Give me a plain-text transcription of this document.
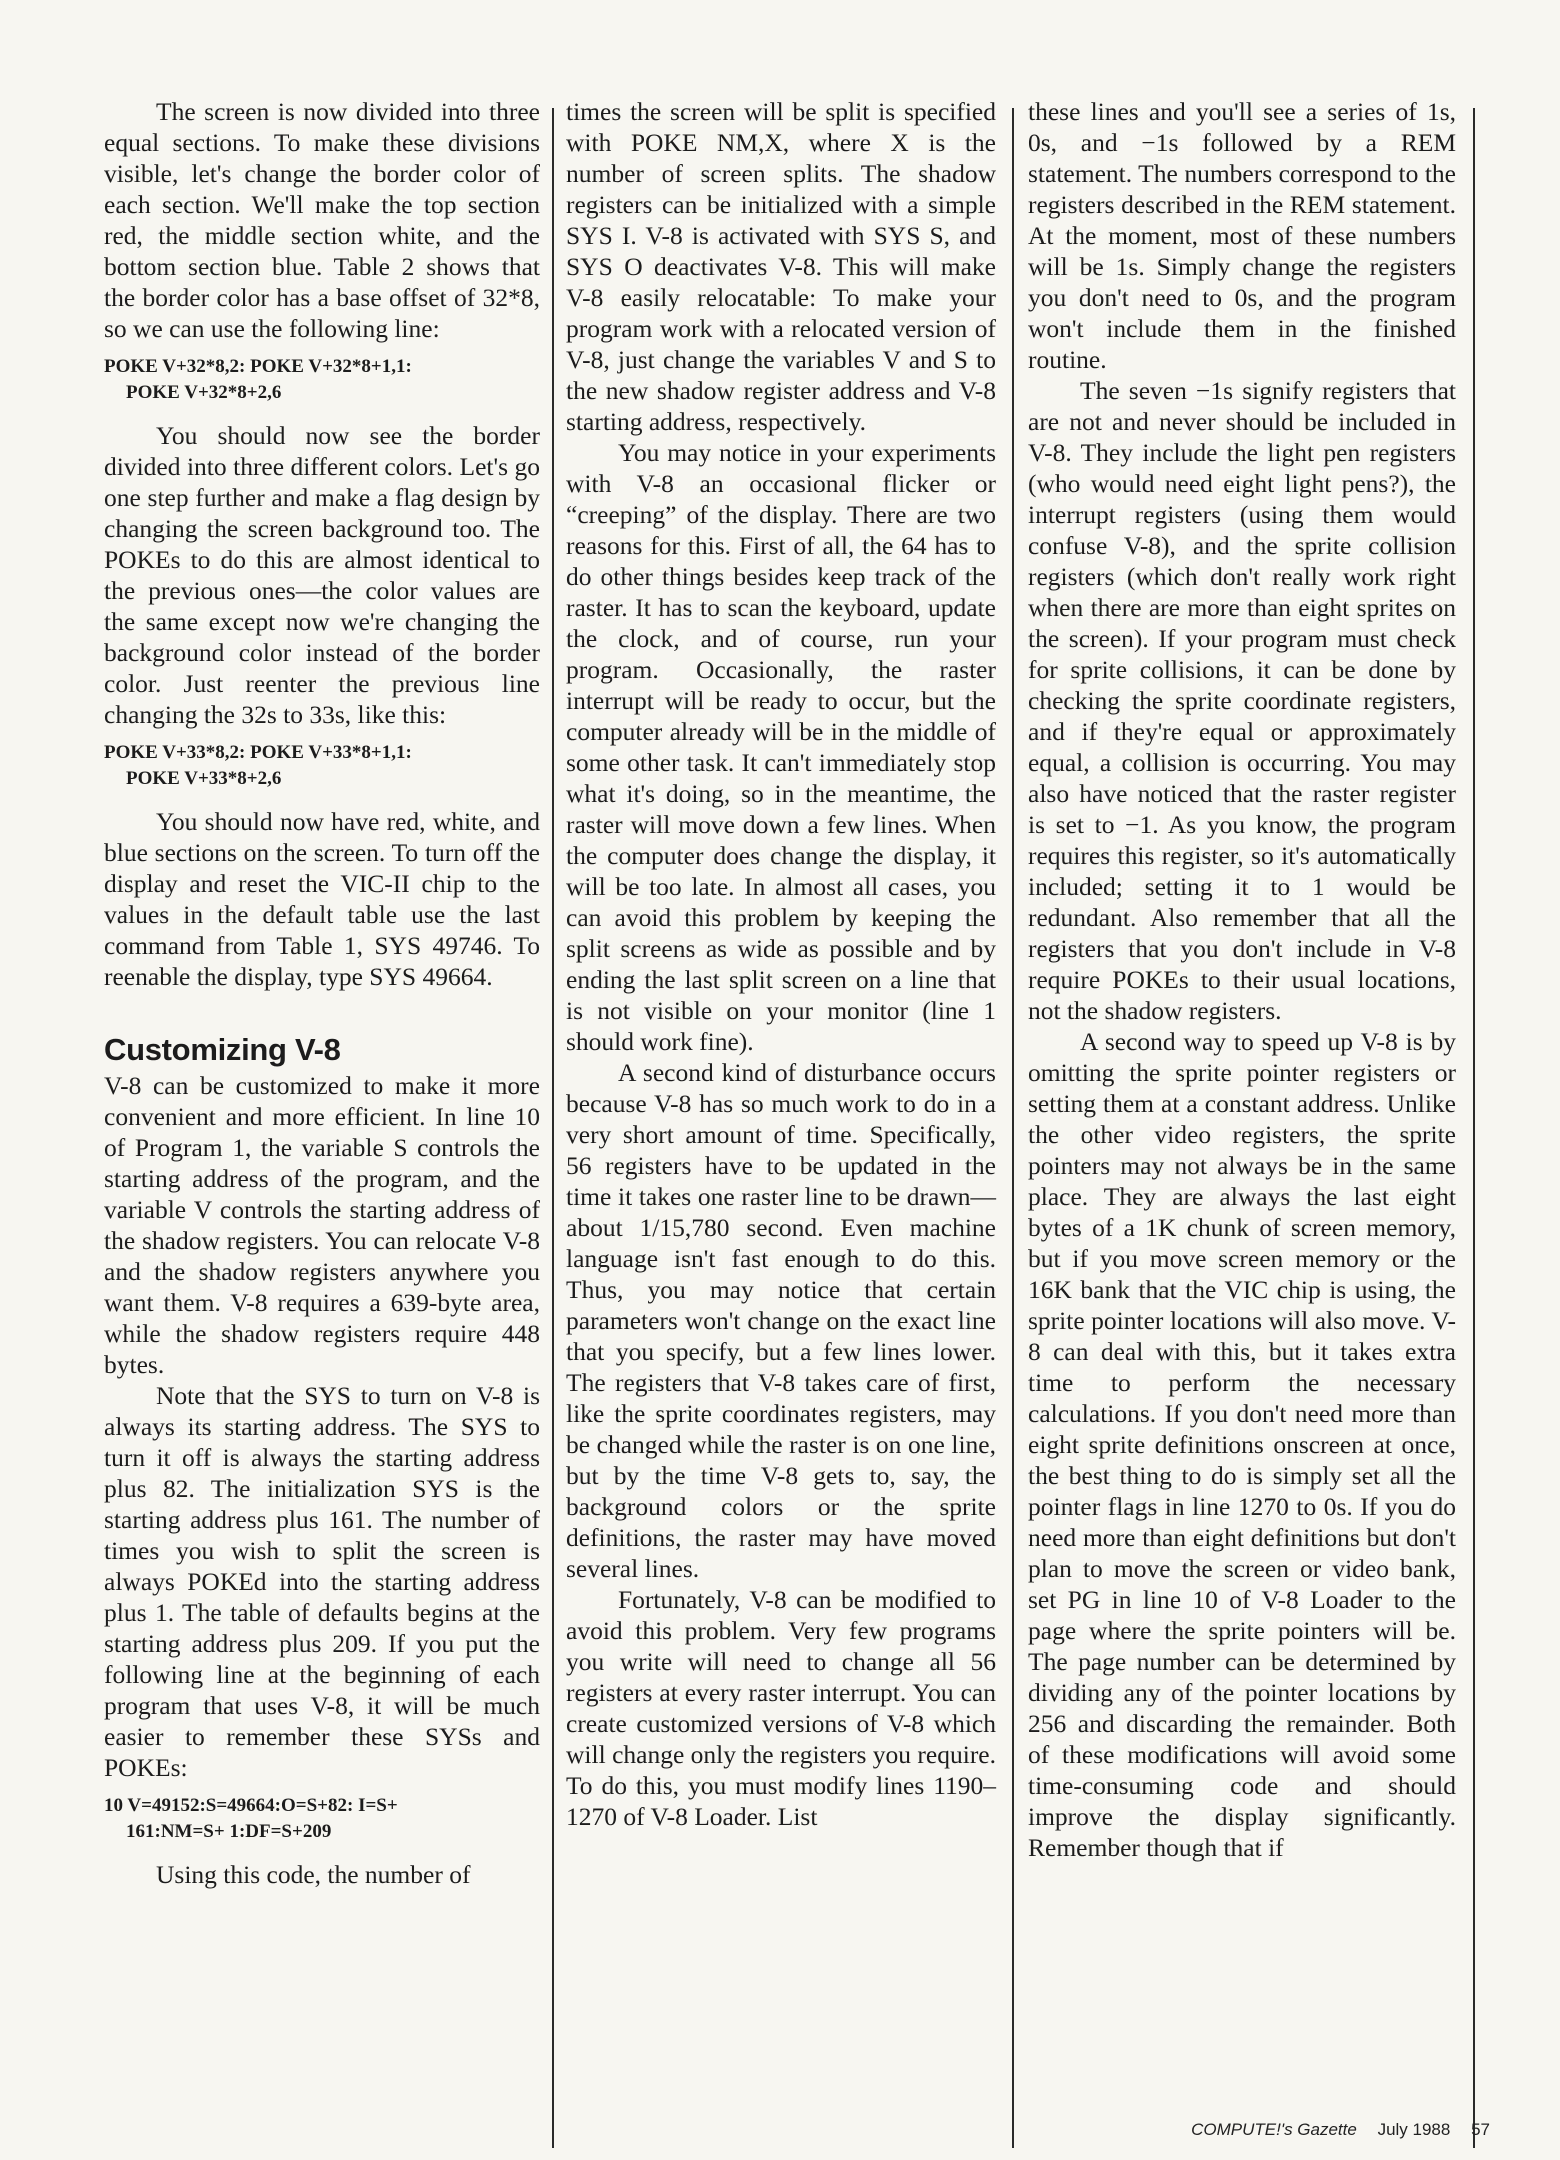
The screen is now divided into three equal sections. To make these divisions visible, let's change the border color of each section. We'll make the top section red, the middle section white, and the bottom section blue. Table 2 shows that the border color has a base offset of 32*8, so we can use the following line:

POKE V+32*8,2: POKE V+32*8+1,1:
POKE V+32*8+2,6

You should now see the border divided into three different colors. Let's go one step further and make a flag design by changing the screen background too. The POKEs to do this are almost identical to the previous ones—the color values are the same except now we're changing the background color instead of the border color. Just reenter the previous line changing the 32s to 33s, like this:

POKE V+33*8,2: POKE V+33*8+1,1:
POKE V+33*8+2,6

You should now have red, white, and blue sections on the screen. To turn off the display and reset the VIC-II chip to the values in the default table use the last command from Table 1, SYS 49746. To reenable the display, type SYS 49664.

Customizing V-8

V-8 can be customized to make it more convenient and more efficient. In line 10 of Program 1, the variable S controls the starting address of the program, and the variable V controls the starting address of the shadow registers. You can relocate V-8 and the shadow registers anywhere you want them. V-8 requires a 639-byte area, while the shadow registers require 448 bytes.

Note that the SYS to turn on V-8 is always its starting address. The SYS to turn it off is always the starting address plus 82. The initialization SYS is the starting address plus 161. The number of times you wish to split the screen is always POKEd into the starting address plus 1. The table of defaults begins at the starting address plus 209. If you put the following line at the beginning of each program that uses V-8, it will be much easier to remember these SYSs and POKEs:

10 V=49152:S=49664:O=S+82: I=S+
161:NM=S+ 1:DF=S+209

Using this code, the number of

times the screen will be split is specified with POKE NM,X, where X is the number of screen splits. The shadow registers can be initialized with a simple SYS I. V-8 is activated with SYS S, and SYS O deactivates V-8. This will make V-8 easily relocatable: To make your program work with a relocated version of V-8, just change the variables V and S to the new shadow register address and V-8 starting address, respectively.

You may notice in your experiments with V-8 an occasional flicker or “creeping” of the display. There are two reasons for this. First of all, the 64 has to do other things besides keep track of the raster. It has to scan the keyboard, update the clock, and of course, run your program. Occasionally, the raster interrupt will be ready to occur, but the computer already will be in the middle of some other task. It can't immediately stop what it's doing, so in the meantime, the raster will move down a few lines. When the computer does change the display, it will be too late. In almost all cases, you can avoid this problem by keeping the split screens as wide as possible and by ending the last split screen on a line that is not visible on your monitor (line 1 should work fine).

A second kind of disturbance occurs because V-8 has so much work to do in a very short amount of time. Specifically, 56 registers have to be updated in the time it takes one raster line to be drawn—about 1/15,780 second. Even machine language isn't fast enough to do this. Thus, you may notice that certain parameters won't change on the exact line that you specify, but a few lines lower. The registers that V-8 takes care of first, like the sprite coordinates registers, may be changed while the raster is on one line, but by the time V-8 gets to, say, the background colors or the sprite definitions, the raster may have moved several lines.

Fortunately, V-8 can be modified to avoid this problem. Very few programs you write will need to change all 56 registers at every raster interrupt. You can create customized versions of V-8 which will change only the registers you require. To do this, you must modify lines 1190–1270 of V-8 Loader. List

these lines and you'll see a series of 1s, 0s, and −1s followed by a REM statement. The numbers correspond to the registers described in the REM statement. At the moment, most of these numbers will be 1s. Simply change the registers you don't need to 0s, and the program won't include them in the finished routine.

The seven −1s signify registers that are not and never should be included in V-8. They include the light pen registers (who would need eight light pens?), the interrupt registers (using them would confuse V-8), and the sprite collision registers (which don't really work right when there are more than eight sprites on the screen). If your program must check for sprite collisions, it can be done by checking the sprite coordinate registers, and if they're equal or approximately equal, a collision is occurring. You may also have noticed that the raster register is set to −1. As you know, the program requires this register, so it's automatically included; setting it to 1 would be redundant. Also remember that all the registers that you don't include in V-8 require POKEs to their usual locations, not the shadow registers.

A second way to speed up V-8 is by omitting the sprite pointer registers or setting them at a constant address. Unlike the other video registers, the sprite pointers may not always be in the same place. They are always the last eight bytes of a 1K chunk of screen memory, but if you move screen memory or the 16K bank that the VIC chip is using, the sprite pointer locations will also move. V-8 can deal with this, but it takes extra time to perform the necessary calculations. If you don't need more than eight sprite definitions onscreen at once, the best thing to do is simply set all the pointer flags in line 1270 to 0s. If you do need more than eight definitions but don't plan to move the screen or video bank, set PG in line 10 of V-8 Loader to the page where the sprite pointers will be. The page number can be determined by dividing any of the pointer locations by 256 and discarding the remainder. Both of these modifications will avoid some time-consuming code and should improve the display significantly. Remember though that if

COMPUTE!'s Gazette July 1988 57
